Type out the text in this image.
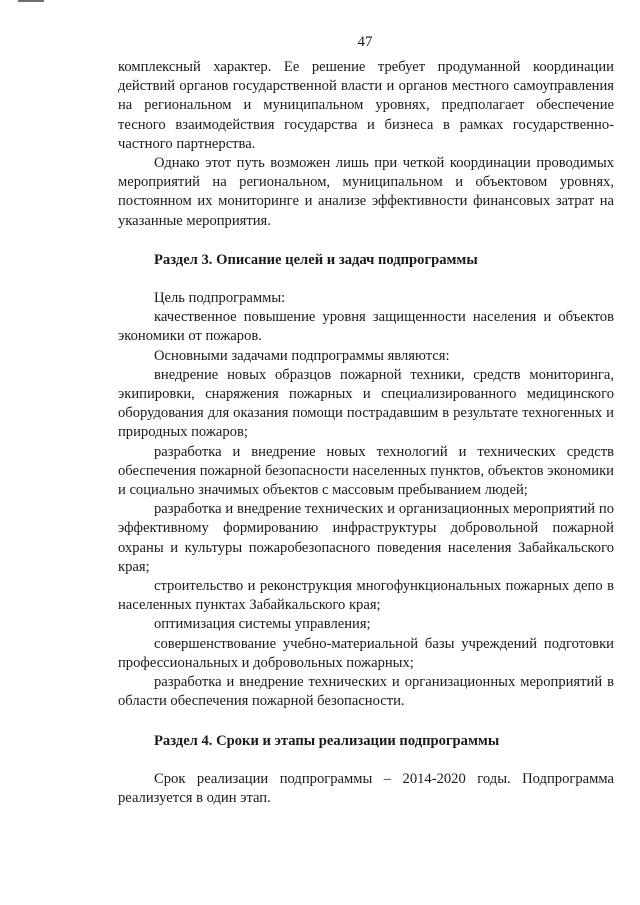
47

комплексный характер. Ее решение требует продуманной координации действий органов государственной власти и органов местного самоуправления на региональном и муниципальном уровнях, предполагает обеспечение тесного взаимодействия государства и бизнеса в рамках государственно-частного партнерства.

Однако этот путь возможен лишь при четкой координации проводимых мероприятий на региональном, муниципальном и объектовом уровнях, постоянном их мониторинге и анализе эффективности финансовых затрат на указанные мероприятия.

Раздел 3. Описание целей и задач подпрограммы

Цель подпрограммы:

качественное повышение уровня защищенности населения и объектов экономики от пожаров.

Основными задачами подпрограммы являются:

внедрение новых образцов пожарной техники, средств мониторинга, экипировки, снаряжения пожарных и специализированного медицинского оборудования для оказания помощи пострадавшим в результате техногенных и природных пожаров;

разработка и внедрение новых технологий и технических средств обеспечения пожарной безопасности населенных пунктов, объектов экономики и социально значимых объектов с массовым пребыванием людей;

разработка и внедрение технических и организационных мероприятий по эффективному формированию инфраструктуры добровольной пожарной охраны и культуры пожаробезопасного поведения населения Забайкальского края;

строительство и реконструкция многофункциональных пожарных депо в населенных пунктах Забайкальского края;

оптимизация системы управления;

совершенствование учебно-материальной базы учреждений подготовки профессиональных и добровольных пожарных;

разработка и внедрение технических и организационных мероприятий в области обеспечения пожарной безопасности.

Раздел 4. Сроки и этапы реализации подпрограммы

Срок реализации подпрограммы – 2014-2020 годы. Подпрограмма реализуется в один этап.
